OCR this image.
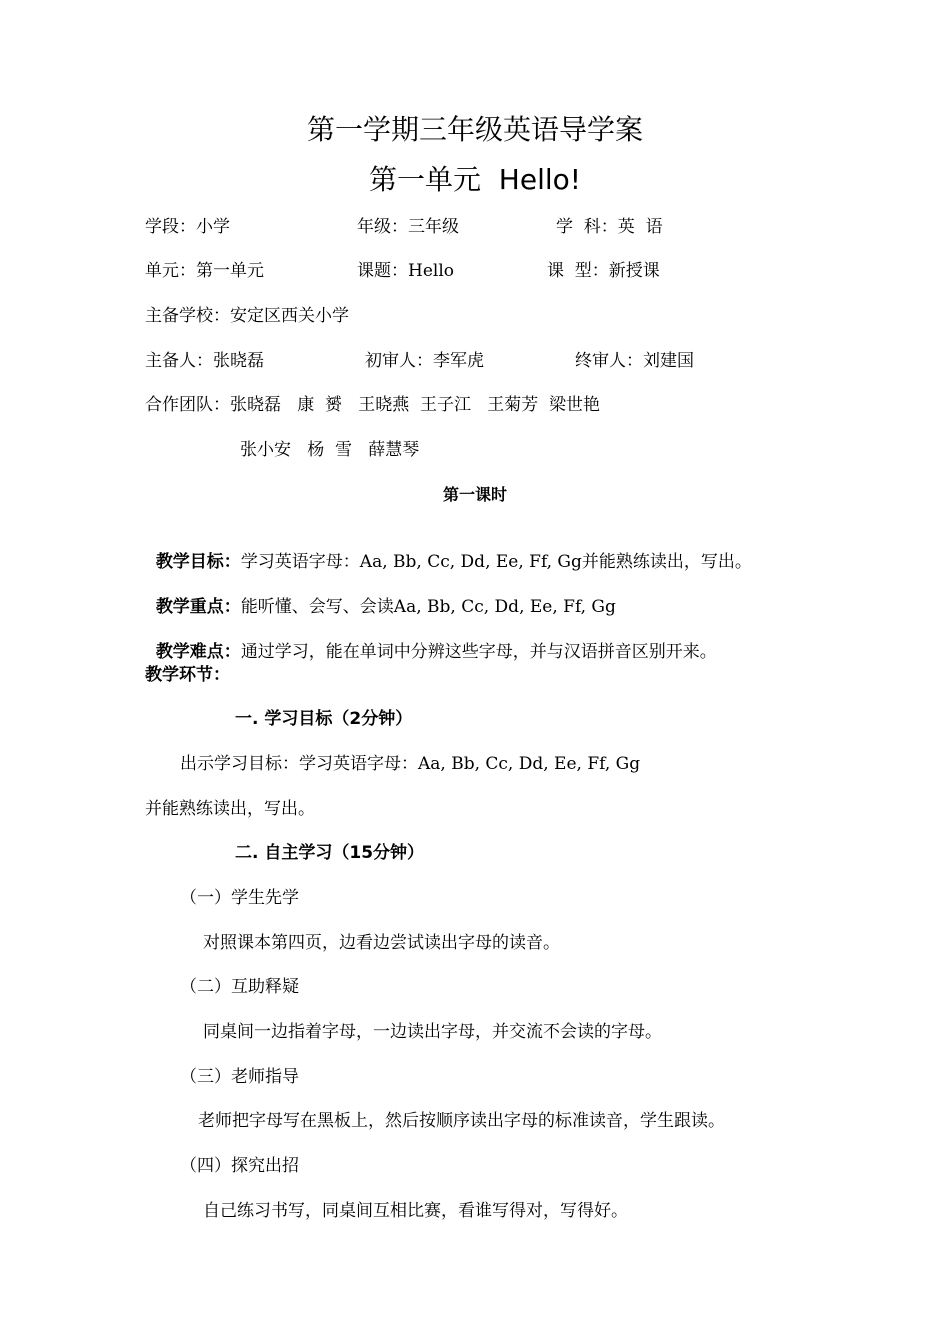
第一学期三年级英语导学案
第一单元  Hello!
学段：小学	年级：三年级	学  科：英  语
单元：第一单元	课题：Hello	课  型：新授课
主备学校：安定区西关小学
主备人：张晓磊	初审人：李军虎	终审人：刘建国
合作团队：张晓磊   康  赟   王晓燕  王子江   王菊芳  梁世艳
张小安   杨  雪   薛慧琴
第一课时

教学目标：学习英语字母：Aa, Bb, Cc, Dd, Ee, Ff, Gg并能熟练读出，写出。

教学重点：能听懂、会写、会读Aa, Bb, Cc, Dd, Ee, Ff, Gg

教学难点：通过学习，能在单词中分辨这些字母，并与汉语拼音区别开来。

教学环节：
一. 学习目标（2分钟）
出示学习目标：学习英语字母：Aa, Bb, Cc, Dd, Ee, Ff, Gg
并能熟练读出，写出。
二. 自主学习（15分钟）
（一）学生先学
对照课本第四页，边看边尝试读出字母的读音。
（二）互助释疑
同桌间一边指着字母，一边读出字母，并交流不会读的字母。
（三）老师指导
老师把字母写在黑板上，然后按顺序读出字母的标准读音，学生跟读。
（四）探究出招
自己练习书写，同桌间互相比赛，看谁写得对，写得好。
